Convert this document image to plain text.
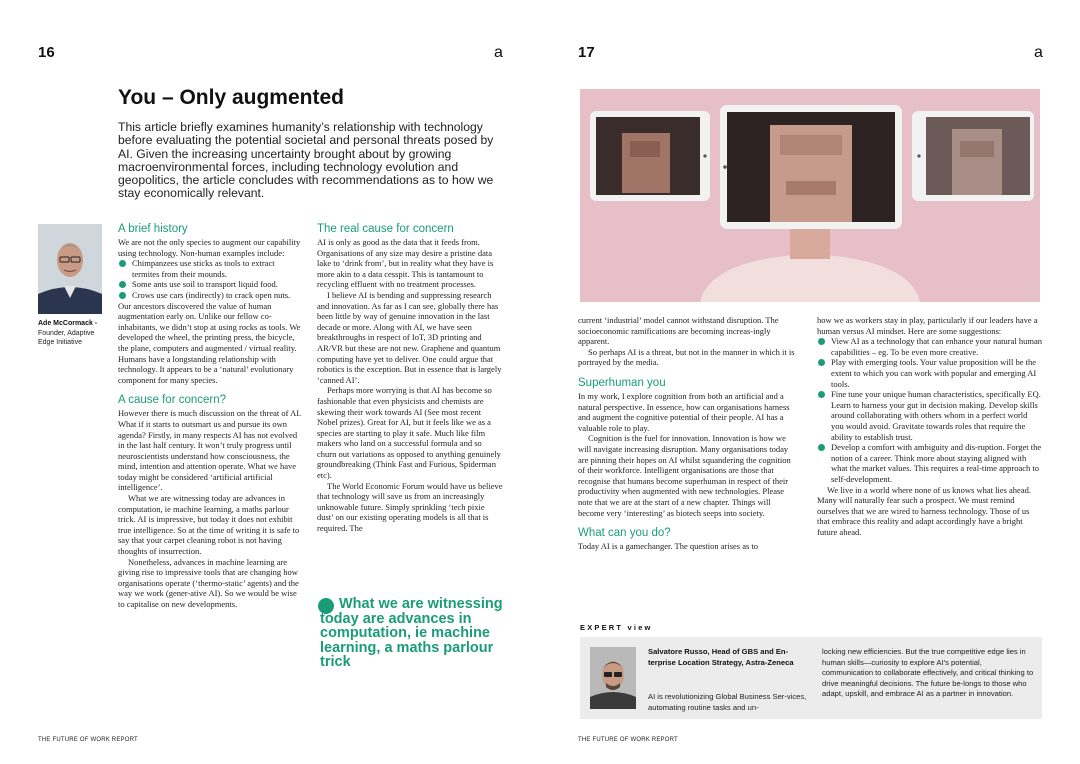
16	a
You – Only augmented

This article briefly examines humanity’s relationship with technology before evaluating the potential societal and personal threats posed by AI. Given the increasing uncertainty brought about by growing macroenvironmental forces, including technology evolution and geopolitics, the article concludes with recommendations as to how we stay economically relevant.

Ade McCormack -
Founder, Adaptive Edge Initiative
A brief history

We are not the only species to augment our capability using technology. Non-human examples include:

Chimpanzees use sticks as tools to extract termites from their mounds.
Some ants use soil to transport liquid food.
Crows use cars (indirectly) to crack open nuts.

Our ancestors discovered the value of human augmentation early on. Unlike our fellow co-inhabitants, we didn’t stop at using rocks as tools. We developed the wheel, the printing press, the bicycle, the plane, computers and augmented / virtual reality. Humans have a longstanding relationship with technology. It appears to be a ‘natural’ evolutionary component for many species.

A cause for concern?

However there is much discussion on the threat of AI. What if it starts to outsmart us and pursue its own agenda? Firstly, in many respects AI has not evolved in the last half century. It won’t truly progress until neuroscientists understand how consciousness, the mind, intention and attention operate. What we have today might be considered ‘artificial artificial intelligence’.

What we are witnessing today are advances in computation, ie machine learning, a maths parlour trick. AI is impressive, but today it does not exhibit true intelligence. So at the time of writing it is safe to say that your carpet cleaning robot is not having thoughts of insurrection.

Nonetheless, advances in machine learning are giving rise to impressive tools that are changing how organisations operate (‘thermo-static’ agents) and the way we work (gener-ative AI). So we would be wise to capitalise on new developments.

The real cause for concern

AI is only as good as the data that it feeds from. Organisations of any size may desire a pristine data lake to ‘drink from’, but in reality what they have is more akin to a data cesspit. This is tantamount to recycling effluent with no treatment processes.

I believe AI is bending and suppressing research and innovation. As far as I can see, globally there has been little by way of genuine innovation in the last decade or more. Along with AI, we have seen breakthroughs in respect of IoT, 3D printing and AR/VR but these are not new. Graphene and quantum computing have yet to deliver. One could argue that robotics is the exception. But in essence that is largely ‘canned AI’.

Perhaps more worrying is that AI has become so fashionable that even physicists and chemists are skewing their work towards AI (See most recent Nobel prizes). Great for AI, but it feels like we as a species are starting to play it safe. Much like film makers who land on a successful formula and so churn out variations as opposed to anything genuinely groundbreaking (Think Fast and Furious, Spiderman etc).

The World Economic Forum would have us believe that technology will save us from an increasingly unknowable future. Simply sprinkling ‘tech pixie dust’ on our existing operating models is all that is required. The

What we are witnessing today are advances in computation, ie machine learning, a maths parlour trick
THE FUTURE OF WORK REPORT
17	a

current ‘industrial’ model cannot withstand disruption. The socioeconomic ramifications are becoming increas-ingly apparent.

So perhaps AI is a threat, but not in the manner in which it is portrayed by the media.

Superhuman you

In my work, I explore cognition from both an artificial and a natural perspective. In essence, how can organisations harness and augment the cognitive potential of their people. AI has a valuable role to play.

Cognition is the fuel for innovation. Innovation is how we will navigate increasing disruption. Many organisations today are pinning their hopes on AI whilst squandering the cognition of their workforce. Intelligent organisations are those that recognise that humans become superhuman in respect of their productivity when augmented with new technologies. Please note that we are at the start of a new chapter. Things will become very ‘interesting’ as biotech seeps into society.

What can you do?

Today AI is a gamechanger. The question arises as to

how we as workers stay in play, particularly if our leaders have a human versus AI mindset. Here are some suggestions:

View AI as a technology that can enhance your natural human capabilities – eg. To be even more creative.
Play with emerging tools. Your value proposition will be the extent to which you can work with popular and emerging AI tools.
Fine tune your unique human characteristics, specifically EQ. Learn to harness your gut in decision making. Develop skills around collaborating with others whom in a perfect world you would avoid. Gravitate towards roles that require the ability to establish trust.
Develop a comfort with ambiguity and dis-ruption. Forget the notion of a career. Think more about staying aligned with what the market values. This requires a real-time approach to self-development.

We live in a world where none of us knows what lies ahead. Many will naturally fear such a prospect. We must remind ourselves that we are wired to harness technology. Those of us that embrace this reality and adapt accordingly have a bright future ahead.

EXPERT view
Salvatore Russo, Head of GBS and En-terprise Location Strategy, Astra-Zeneca
AI is revolutionizing Global Business Ser-vices, automating routine tasks and un-
locking new efficiencies. But the true competitive edge lies in human skills—curiosity to explore AI’s potential, communication to collaborate effectively, and critical thinking to drive meaningful decisions. The future be-longs to those who adapt, upskill, and embrace AI as a partner in innovation.
THE FUTURE OF WORK REPORT
